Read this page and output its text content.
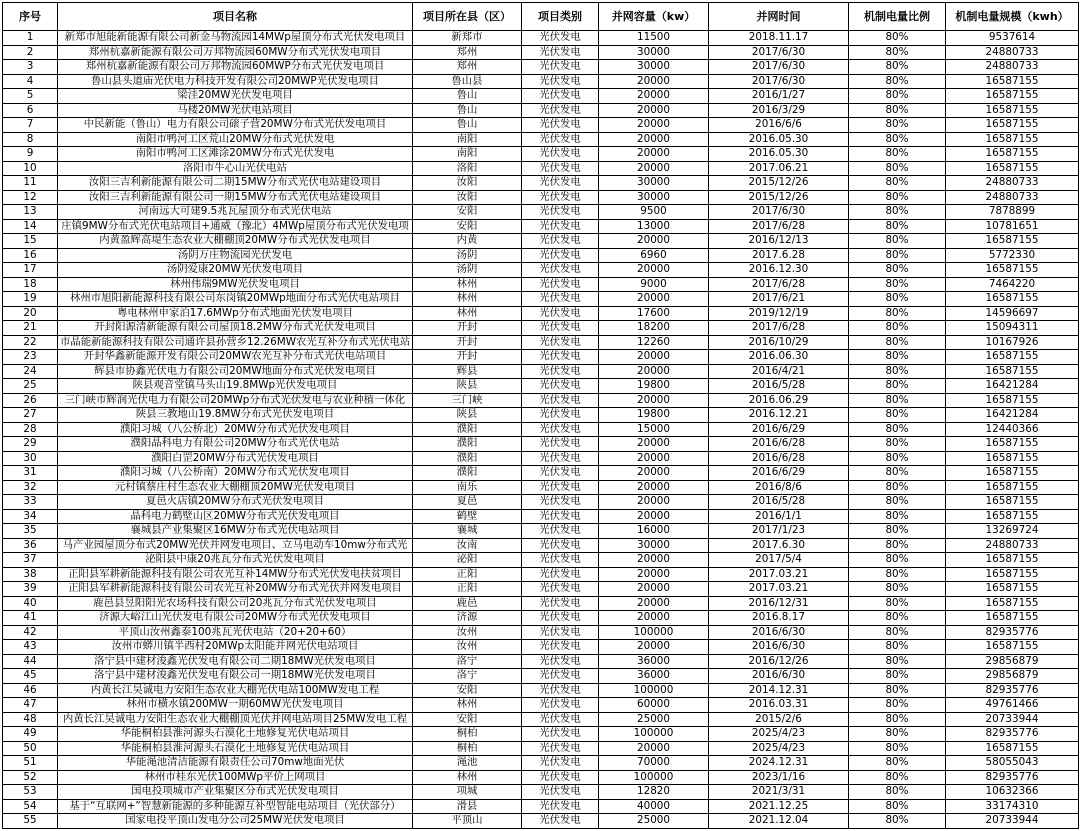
序号	项目名称	项目所在县（区）	项目类别	并网容量（kw）	并网时间	机制电量比例	机制电量规模（kwh）
1	新郑市旭能新能源有限公司新金马物流园14MWp屋顶分布式光伏发电项目	新郑市	光伏发电	11500	2018.11.17	80%	9537614
2	郑州杭嘉新能源有限公司万邦物流园60MW分布式光伏发电项目	郑州	光伏发电	30000	2017/6/30	80%	24880733
3	郑州杭嘉新能源有限公司万邦物流园60MWP分布式光伏发电项目	郑州	光伏发电	30000	2017/6/30	80%	24880733
4	鲁山县头道庙光伏电力科技开发有限公司20MWP光伏发电项目	鲁山县	光伏发电	20000	2017/6/30	80%	16587155
5	梁洼20MW光伏发电项目	鲁山	光伏发电	20000	2016/1/27	80%	16587155
6	马楼20MW光伏电站项目	鲁山	光伏发电	20000	2016/3/29	80%	16587155
7	中民新能（鲁山）电力有限公司磙子营20MW分布式光伏发电项目	鲁山	光伏发电	20000	2016/6/6	80%	16587155
8	南阳市鸭河工区荒山20MW分布式光伏发电	南阳	光伏发电	20000	2016.05.30	80%	16587155
9	南阳市鸭河工区滩涂20MW分布式光伏发电	南阳	光伏发电	20000	2016.05.30	80%	16587155
10	洛阳市牛心山光伏电站	洛阳	光伏发电	20000	2017.06.21	80%	16587155
11	汝阳三吉利新能源有限公司二期15MW分布式光伏电站建设项目	汝阳	光伏发电	30000	2015/12/26	80%	24880733
12	汝阳三吉利新能源有限公司一期15MW分布式光伏电站建设项目	汝阳	光伏发电	30000	2015/12/26	80%	24880733
13	河南远大可建9.5兆瓦屋顶分布式光伏电站	安阳	光伏发电	9500	2017/6/30	80%	7878899
14	庄镇9MW分布式光伏电站项目+通威（豫北）4MWp屋顶分布式光伏发电项	安阳	光伏发电	13000	2017/6/28	80%	10781651
15	内黄盈辉高堤生态农业大棚棚顶20MW分布式光伏发电项目	内黄	光伏发电	20000	2016/12/13	80%	16587155
16	汤阴万庄物流园光伏发电	汤阴	光伏发电	6960	2017.6.28	80%	5772330
17	汤阴爱康20MW光伏发电项目	汤阴	光伏发电	20000	2016.12.30	80%	16587155
18	林州伟瑞9MW光伏发电项目	林州	光伏发电	9000	2017/6/28	80%	7464220
19	林州市旭阳新能源科技有限公司东岗镇20MWp地面分布式光伏电站项目	林州	光伏发电	20000	2017/6/21	80%	16587155
20	粤电林州申家泊17.6MWp分布式地面光伏发电项目	林州	光伏发电	17600	2019/12/19	80%	14596697
21	开封阳源清新能源有限公司屋顶18.2MW分布式光伏发电项目	开封	光伏发电	18200	2017/6/28	80%	15094311
22	市晶能新能源科技有限公司通许县孙营乡12.26MW农光互补分布式光伏电站	开封	光伏发电	12260	2016/10/29	80%	10167926
23	开封华鑫新能源开发有限公司20MW农光互补分布式光伏电站项目	开封	光伏发电	20000	2016.06.30	80%	16587155
24	辉县市协鑫光伏电力有限公司20MW地面分布式光伏发电项目	辉县	光伏发电	20000	2016/4/21	80%	16587155
25	陕县观音堂镇马头山19.8MWp光伏发电项目	陕县	光伏发电	19800	2016/5/28	80%	16421284
26	三门峡市辉润光伏电力有限公司20MWp分布式光伏发电与农业种植一体化	三门峡	光伏发电	20000	2016.06.29	80%	16587155
27	陕县三教地山19.8MW分布式光伏发电项目	陕县	光伏发电	19800	2016.12.21	80%	16421284
28	濮阳习城（八公桥北）20MW分布式光伏发电项目	濮阳	光伏发电	15000	2016/6/29	80%	12440366
29	濮阳晶科电力有限公司20MW分布式光伏电站	濮阳	光伏发电	20000	2016/6/28	80%	16587155
30	濮阳白罡20MW分布式光伏发电项目	濮阳	光伏发电	20000	2016/6/28	80%	16587155
31	濮阳习城（八公桥南）20MW分布式光伏发电项目	濮阳	光伏发电	20000	2016/6/29	80%	16587155
32	元村镇蔡庄村生态农业大棚棚顶20MW光伏发电项目	南乐	光伏发电	20000	2016/8/6	80%	16587155
33	夏邑火店镇20MW分布式光伏发电项目	夏邑	光伏发电	20000	2016/5/28	80%	16587155
34	晶科电力鹤壁山区20MW分布式光伏发电项目	鹤壁	光伏发电	20000	2016/1/1	80%	16587155
35	襄城县产业集聚区16MW分布式光伏电站项目	襄城	光伏发电	16000	2017/1/23	80%	13269724
36	马产业园屋顶分布式20MW光伏并网发电项目、立马电动车10mw分布式光	汝南	光伏发电	30000	2017.6.30	80%	24880733
37	泌阳县中康20兆瓦分布式光伏发电项目	泌阳	光伏发电	20000	2017/5/4	80%	16587155
38	正阳县军耕新能源科技有限公司农光互补14MW分布式光伏发电扶贫项目	正阳	光伏发电	20000	2017.03.21	80%	16587155
39	正阳县军耕新能源科技有限公司农光互补20MW分布式光伏并网发电项目	正阳	光伏发电	20000	2017.03.21	80%	16587155
40	鹿邑县昱阳阳光农场科技有限公司20兆瓦分布式光伏发电项目	鹿邑	光伏发电	20000	2016/12/31	80%	16587155
41	济源大峪江山光伏发电有限公司20MW分布式光伏发电项目	济源	光伏发电	20000	2016.8.17	80%	16587155
42	平顶山汝州鑫泰100兆瓦光伏电站（20+20+60）	汝州	光伏发电	100000	2016/6/30	80%	82935776
43	汝州市蟒川镇半西村20MWp太阳能并网光伏电站项目	汝州	光伏发电	20000	2016/6/30	80%	16587155
44	洛宁县中建材浚鑫光伏发电有限公司二期18MW光伏发电项目	洛宁	光伏发电	36000	2016/12/26	80%	29856879
45	洛宁县中建材浚鑫光伏发电有限公司一期18MW光伏发电项目	洛宁	光伏发电	36000	2016/6/30	80%	29856879
46	内黄长江昊诚电力安阳生态农业大棚光伏电站100MW发电工程	安阳	光伏发电	100000	2014.12.31	80%	82935776
47	林州市横水镇200MW一期60MW光伏发电项目	林州	光伏发电	60000	2016.03.31	80%	49761466
48	内黄长江昊诚电力安阳生态农业大棚棚顶光伏并网电站项目25MW发电工程	安阳	光伏发电	25000	2015/2/6	80%	20733944
49	华能桐柏县淮河源头石漠化土地修复光伏电站项目	桐柏	光伏发电	100000	2025/4/23	80%	82935776
50	华能桐柏县淮河源头石漠化土地修复光伏电站项目	桐柏	光伏发电	20000	2025/4/23	80%	16587155
51	华能渑池清洁能源有限责任公司70mw地面光伏	渑池	光伏发电	70000	2024.12.31	80%	58055043
52	林州市桂东光伏100MWp平价上网项目	林州	光伏发电	100000	2023/1/16	80%	82935776
53	国电投项城市产业集聚区分布式光伏发电项目	项城	光伏发电	12820	2021/3/31	80%	10632366
54	基于“互联网+”智慧新能源的多种能源互补型智能电站项目（光伏部分）	滑县	光伏发电	40000	2021.12.25	80%	33174310
55	国家电投平顶山发电分公司25MW光伏发电项目	平顶山	光伏发电	25000	2021.12.04	80%	20733944
